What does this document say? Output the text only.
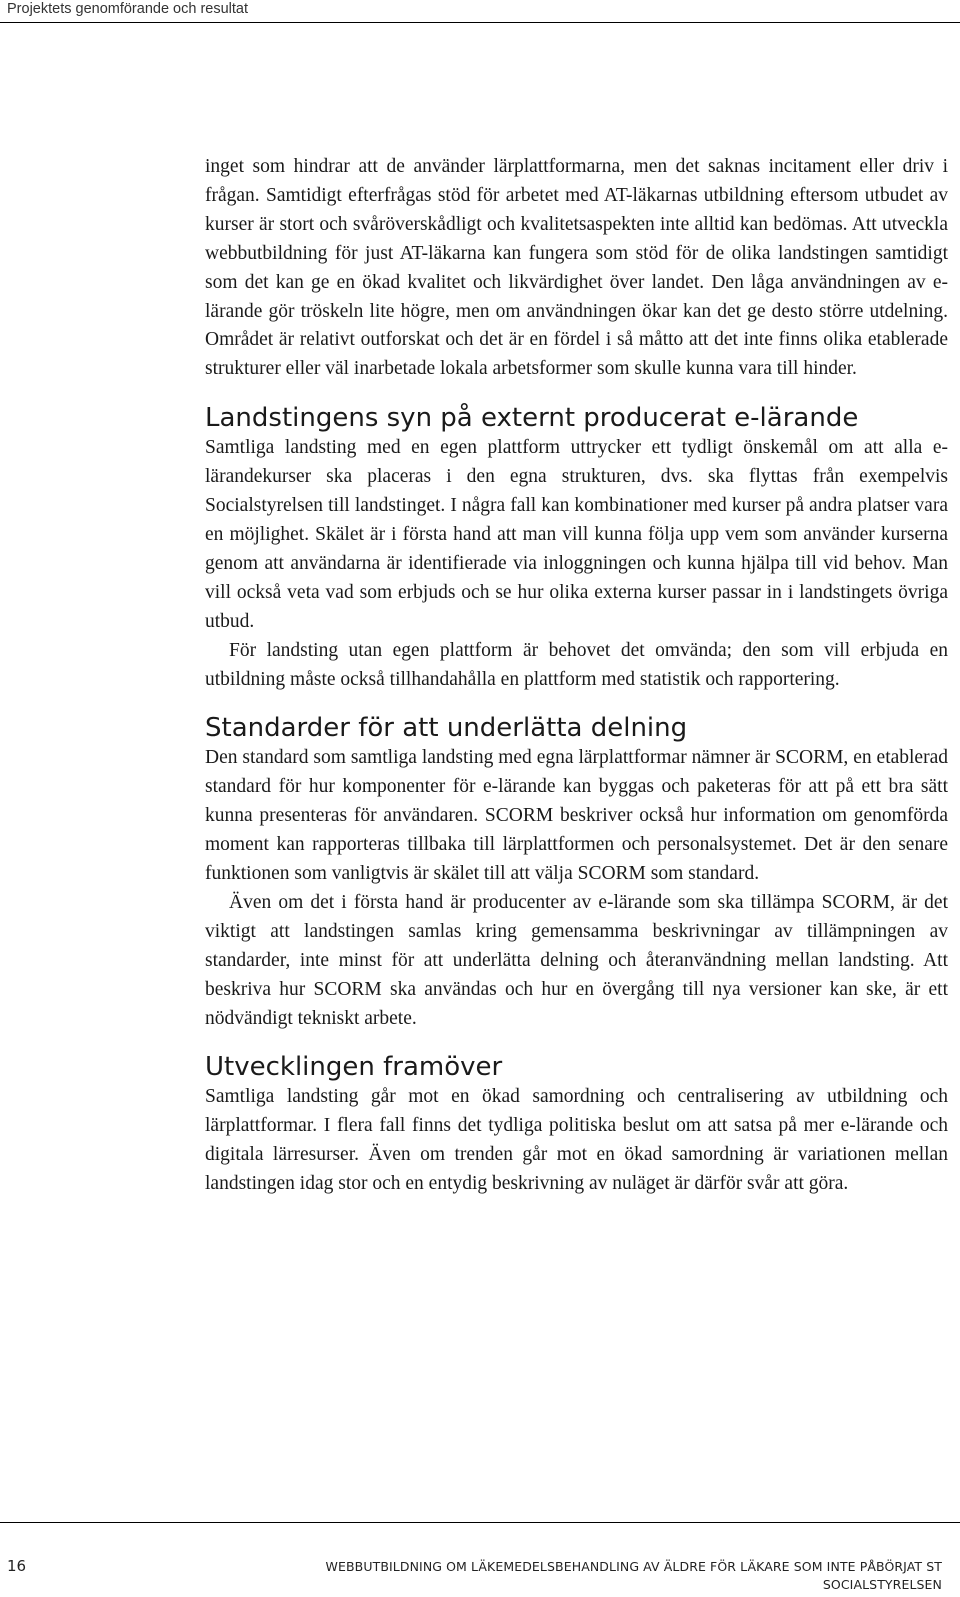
Projektets genomförande och resultat

inget som hindrar att de använder lärplattformarna, men det saknas incitament eller driv i frågan. Samtidigt efterfrågas stöd för arbetet med AT-läkarnas utbildning eftersom utbudet av kurser är stort och svåröverskådligt och kvalitetsaspekten inte alltid kan bedömas. Att utveckla webbutbildning för just AT-läkarna kan fungera som stöd för de olika landstingen samtidigt som det kan ge en ökad kvalitet och likvärdighet över landet. Den låga användningen av e-lärande gör tröskeln lite högre, men om användningen ökar kan det ge desto större utdelning. Området är relativt outforskat och det är en fördel i så måtto att det inte finns olika etablerade strukturer eller väl inarbetade lokala arbetsformer som skulle kunna vara till hinder.

Landstingens syn på externt producerat e-lärande

Samtliga landsting med en egen plattform uttrycker ett tydligt önskemål om att alla e-lärandekurser ska placeras i den egna strukturen, dvs. ska flyttas från exempelvis Socialstyrelsen till landstinget. I några fall kan kombinationer med kurser på andra platser vara en möjlighet. Skälet är i första hand att man vill kunna följa upp vem som använder kurserna genom att användarna är identifierade via inloggningen och kunna hjälpa till vid behov. Man vill också veta vad som erbjuds och se hur olika externa kurser passar in i landstingets övriga utbud.

För landsting utan egen plattform är behovet det omvända; den som vill erbjuda en utbildning måste också tillhandahålla en plattform med statistik och rapportering.

Standarder för att underlätta delning

Den standard som samtliga landsting med egna lärplattformar nämner är SCORM, en etablerad standard för hur komponenter för e-lärande kan byggas och paketeras för att på ett bra sätt kunna presenteras för användaren. SCORM beskriver också hur information om genomförda moment kan rapporteras tillbaka till lärplattformen och personalsystemet. Det är den senare funktionen som vanligtvis är skälet till att välja SCORM som standard.

Även om det i första hand är producenter av e-lärande som ska tillämpa SCORM, är det viktigt att landstingen samlas kring gemensamma beskrivningar av tillämpningen av standarder, inte minst för att underlätta delning och återanvändning mellan landsting. Att beskriva hur SCORM ska användas och hur en övergång till nya versioner kan ske, är ett nödvändigt tekniskt arbete.

Utvecklingen framöver

Samtliga landsting går mot en ökad samordning och centralisering av utbildning och lärplattformar. I flera fall finns det tydliga politiska beslut om att satsa på mer e-lärande och digitala lärresurser. Även om trenden går mot en ökad samordning är variationen mellan landstingen idag stor och en entydig beskrivning av nuläget är därför svår att göra.

16	WEBBUTBILDNING OM LÄKEMEDELSBEHANDLING AV ÄLDRE FÖR LÄKARE SOM INTE PÅBÖRJAT ST
SOCIALSTYRELSEN
